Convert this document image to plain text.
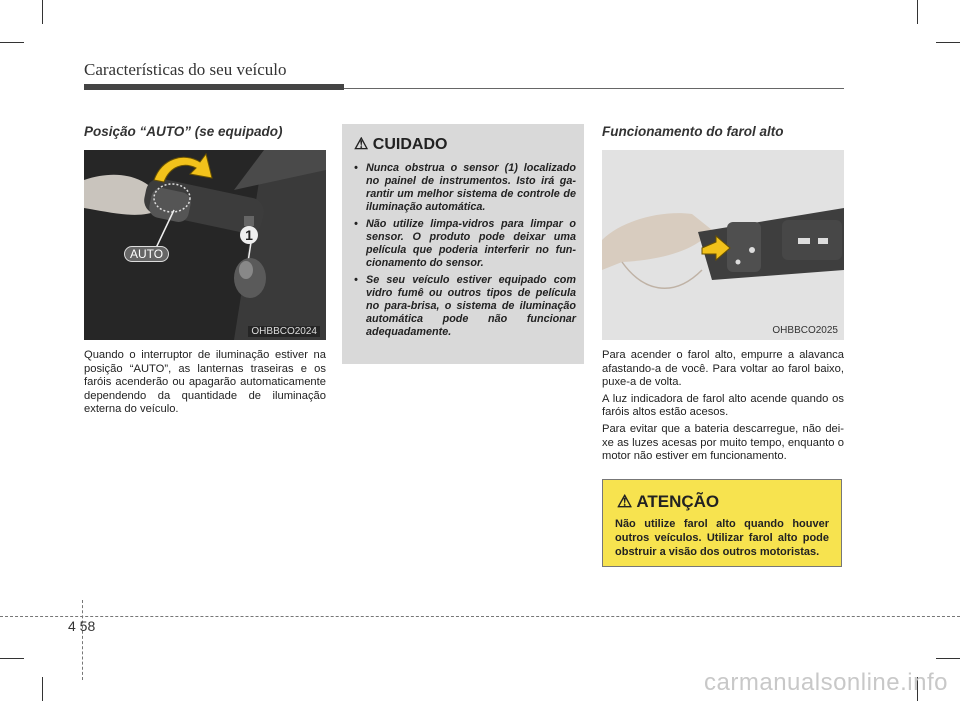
Características do seu veículo
Posição “AUTO” (se equipado)
AUTO
1
OHBBCO2024

Quando o interruptor de iluminação estiver na posição “AUTO”, as lanternas traseiras e os faróis acenderão ou apagarão automaticamente dependendo da quantidade de iluminação externa do veículo.

⚠ CUIDADO
• Nunca obstrua o sensor (1) localizado no painel de instrumentos. Isto irá garantir um melhor sistema de controle de iluminação automática.
• Não utilize limpa-vidros para limpar o sensor. O produto pode deixar uma película que poderia interferir no funcionamento do sensor.
• Se seu veículo estiver equipado com vidro fumê ou outros tipos de película no para-brisa, o sistema de iluminação automática pode não funcionar adequadamente.
Funcionamento do farol alto
OHBBCO2025

Para acender o farol alto, empurre a alavanca afastando-a de você. Para voltar ao farol baixo, puxe-a de volta.

A luz indicadora de farol alto acende quando os faróis altos estão acesos.

Para evitar que a bateria descarregue, não deixe as luzes acesas por muito tempo, enquanto o motor não estiver em funcionamento.

⚠ ATENÇÃO
Não utilize farol alto quando houver outros veículos. Utilizar farol alto pode obstruir a visão dos outros motoristas.
4 58
carmanualsonline.info
